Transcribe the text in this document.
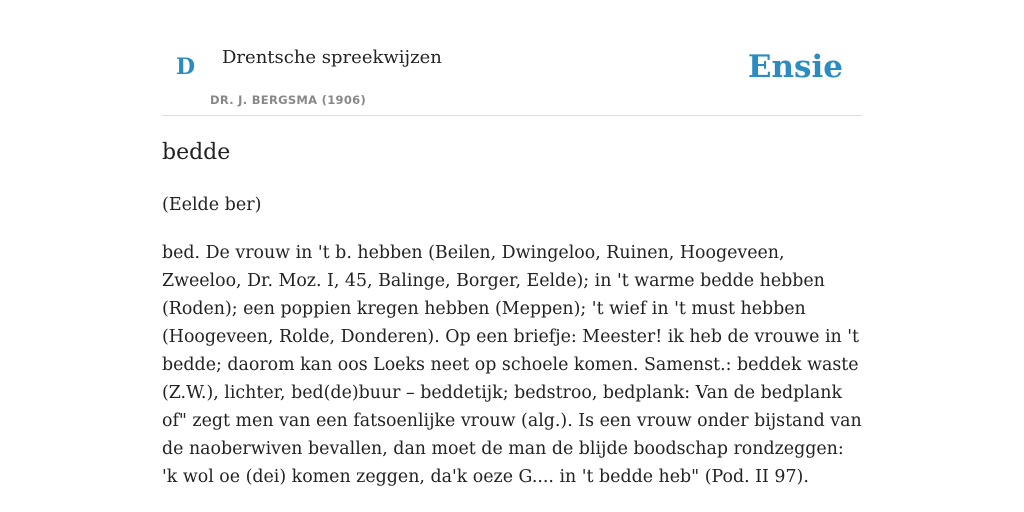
D Drentsche spreekwijzen
DR. J. BERGSMA (1906)
Ensie
bedde

(Eelde ber)

bed. De vrouw in 't b. hebben (Beilen, Dwingeloo, Ruinen, Hoogeveen, Zweeloo, Dr. Moz. I, 45, Balinge, Borger, Eelde); in 't warme bedde hebben (Roden); een poppien kregen hebben (Meppen); 't wief in 't must hebben (Hoogeveen, Rolde, Donderen). Op een briefje: Meester! ik heb de vrouwe in 't bedde; daorom kan oos Loeks neet op schoele komen. Samenst.: beddek waste (Z.W.), lichter, bed(de)buur – beddetijk; bedstroo, bedplank: Van de bedplank of" zegt men van een fatsoenlijke vrouw (alg.). Is een vrouw onder bijstand van de naoberwiven bevallen, dan moet de man de blijde boodschap rondzeggen: 'k wol oe (dei) komen zeggen, da'k oeze G.... in 't bedde heb" (Pod. II 97).
